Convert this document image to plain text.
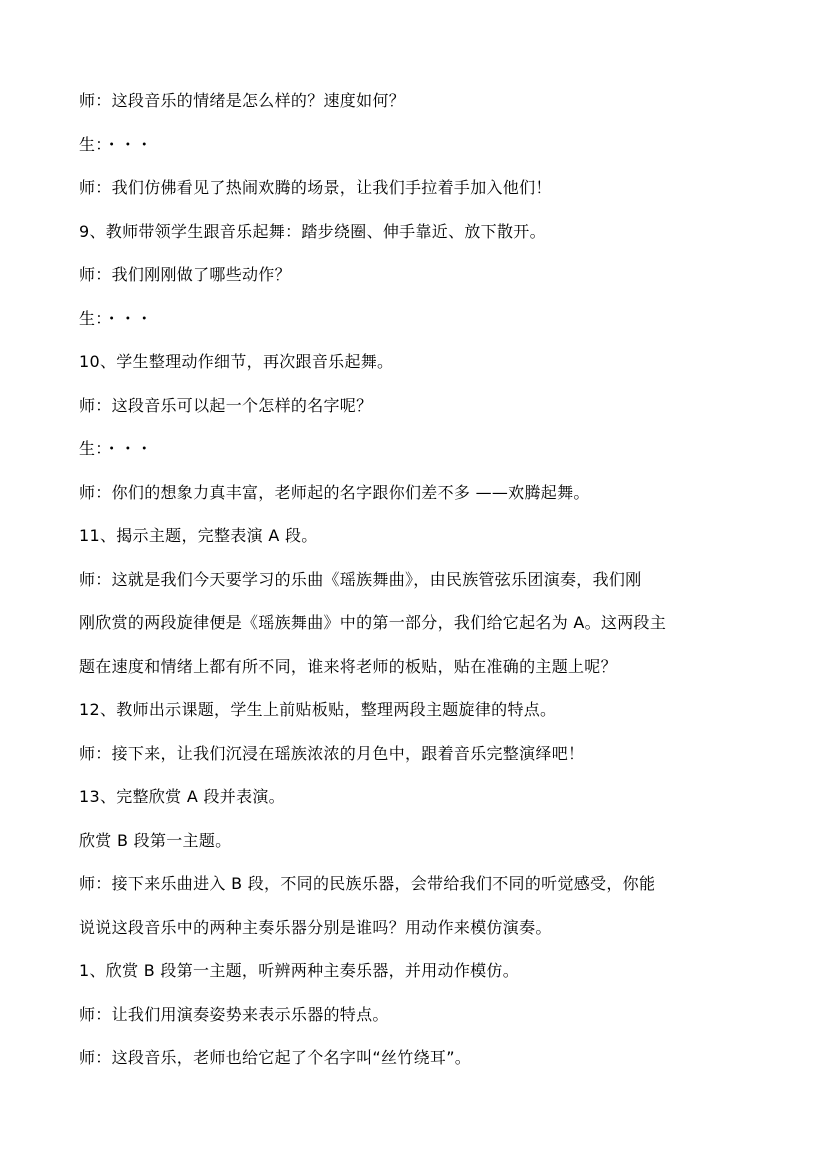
师：这段音乐的情绪是怎么样的？速度如何？
生：・・・
师：我们仿佛看见了热闹欢腾的场景，让我们手拉着手加入他们！
9、教师带领学生跟音乐起舞：踏步绕圈、伸手靠近、放下散开。
师：我们刚刚做了哪些动作？
生：・・・
10、学生整理动作细节，再次跟音乐起舞。
师：这段音乐可以起一个怎样的名字呢？
生：・・・
师：你们的想象力真丰富，老师起的名字跟你们差不多 ——欢腾起舞。
11、揭示主题，完整表演 A 段。
师：这就是我们今天要学习的乐曲《瑶族舞曲》，由民族管弦乐团演奏，我们刚
刚欣赏的两段旋律便是《瑶族舞曲》中的第一部分，我们给它起名为 A。这两段主
题在速度和情绪上都有所不同，谁来将老师的板贴，贴在准确的主题上呢？
12、教师出示课题，学生上前贴板贴，整理两段主题旋律的特点。
师：接下来，让我们沉浸在瑶族浓浓的月色中，跟着音乐完整演绎吧！
13、完整欣赏 A 段并表演。
欣赏 B 段第一主题。
师：接下来乐曲进入 B 段，不同的民族乐器，会带给我们不同的听觉感受，你能
说说这段音乐中的两种主奏乐器分别是谁吗？用动作来模仿演奏。
1、欣赏 B 段第一主题，听辨两种主奏乐器，并用动作模仿。
师：让我们用演奏姿势来表示乐器的特点。
师：这段音乐，老师也给它起了个名字叫“丝竹绕耳”。
